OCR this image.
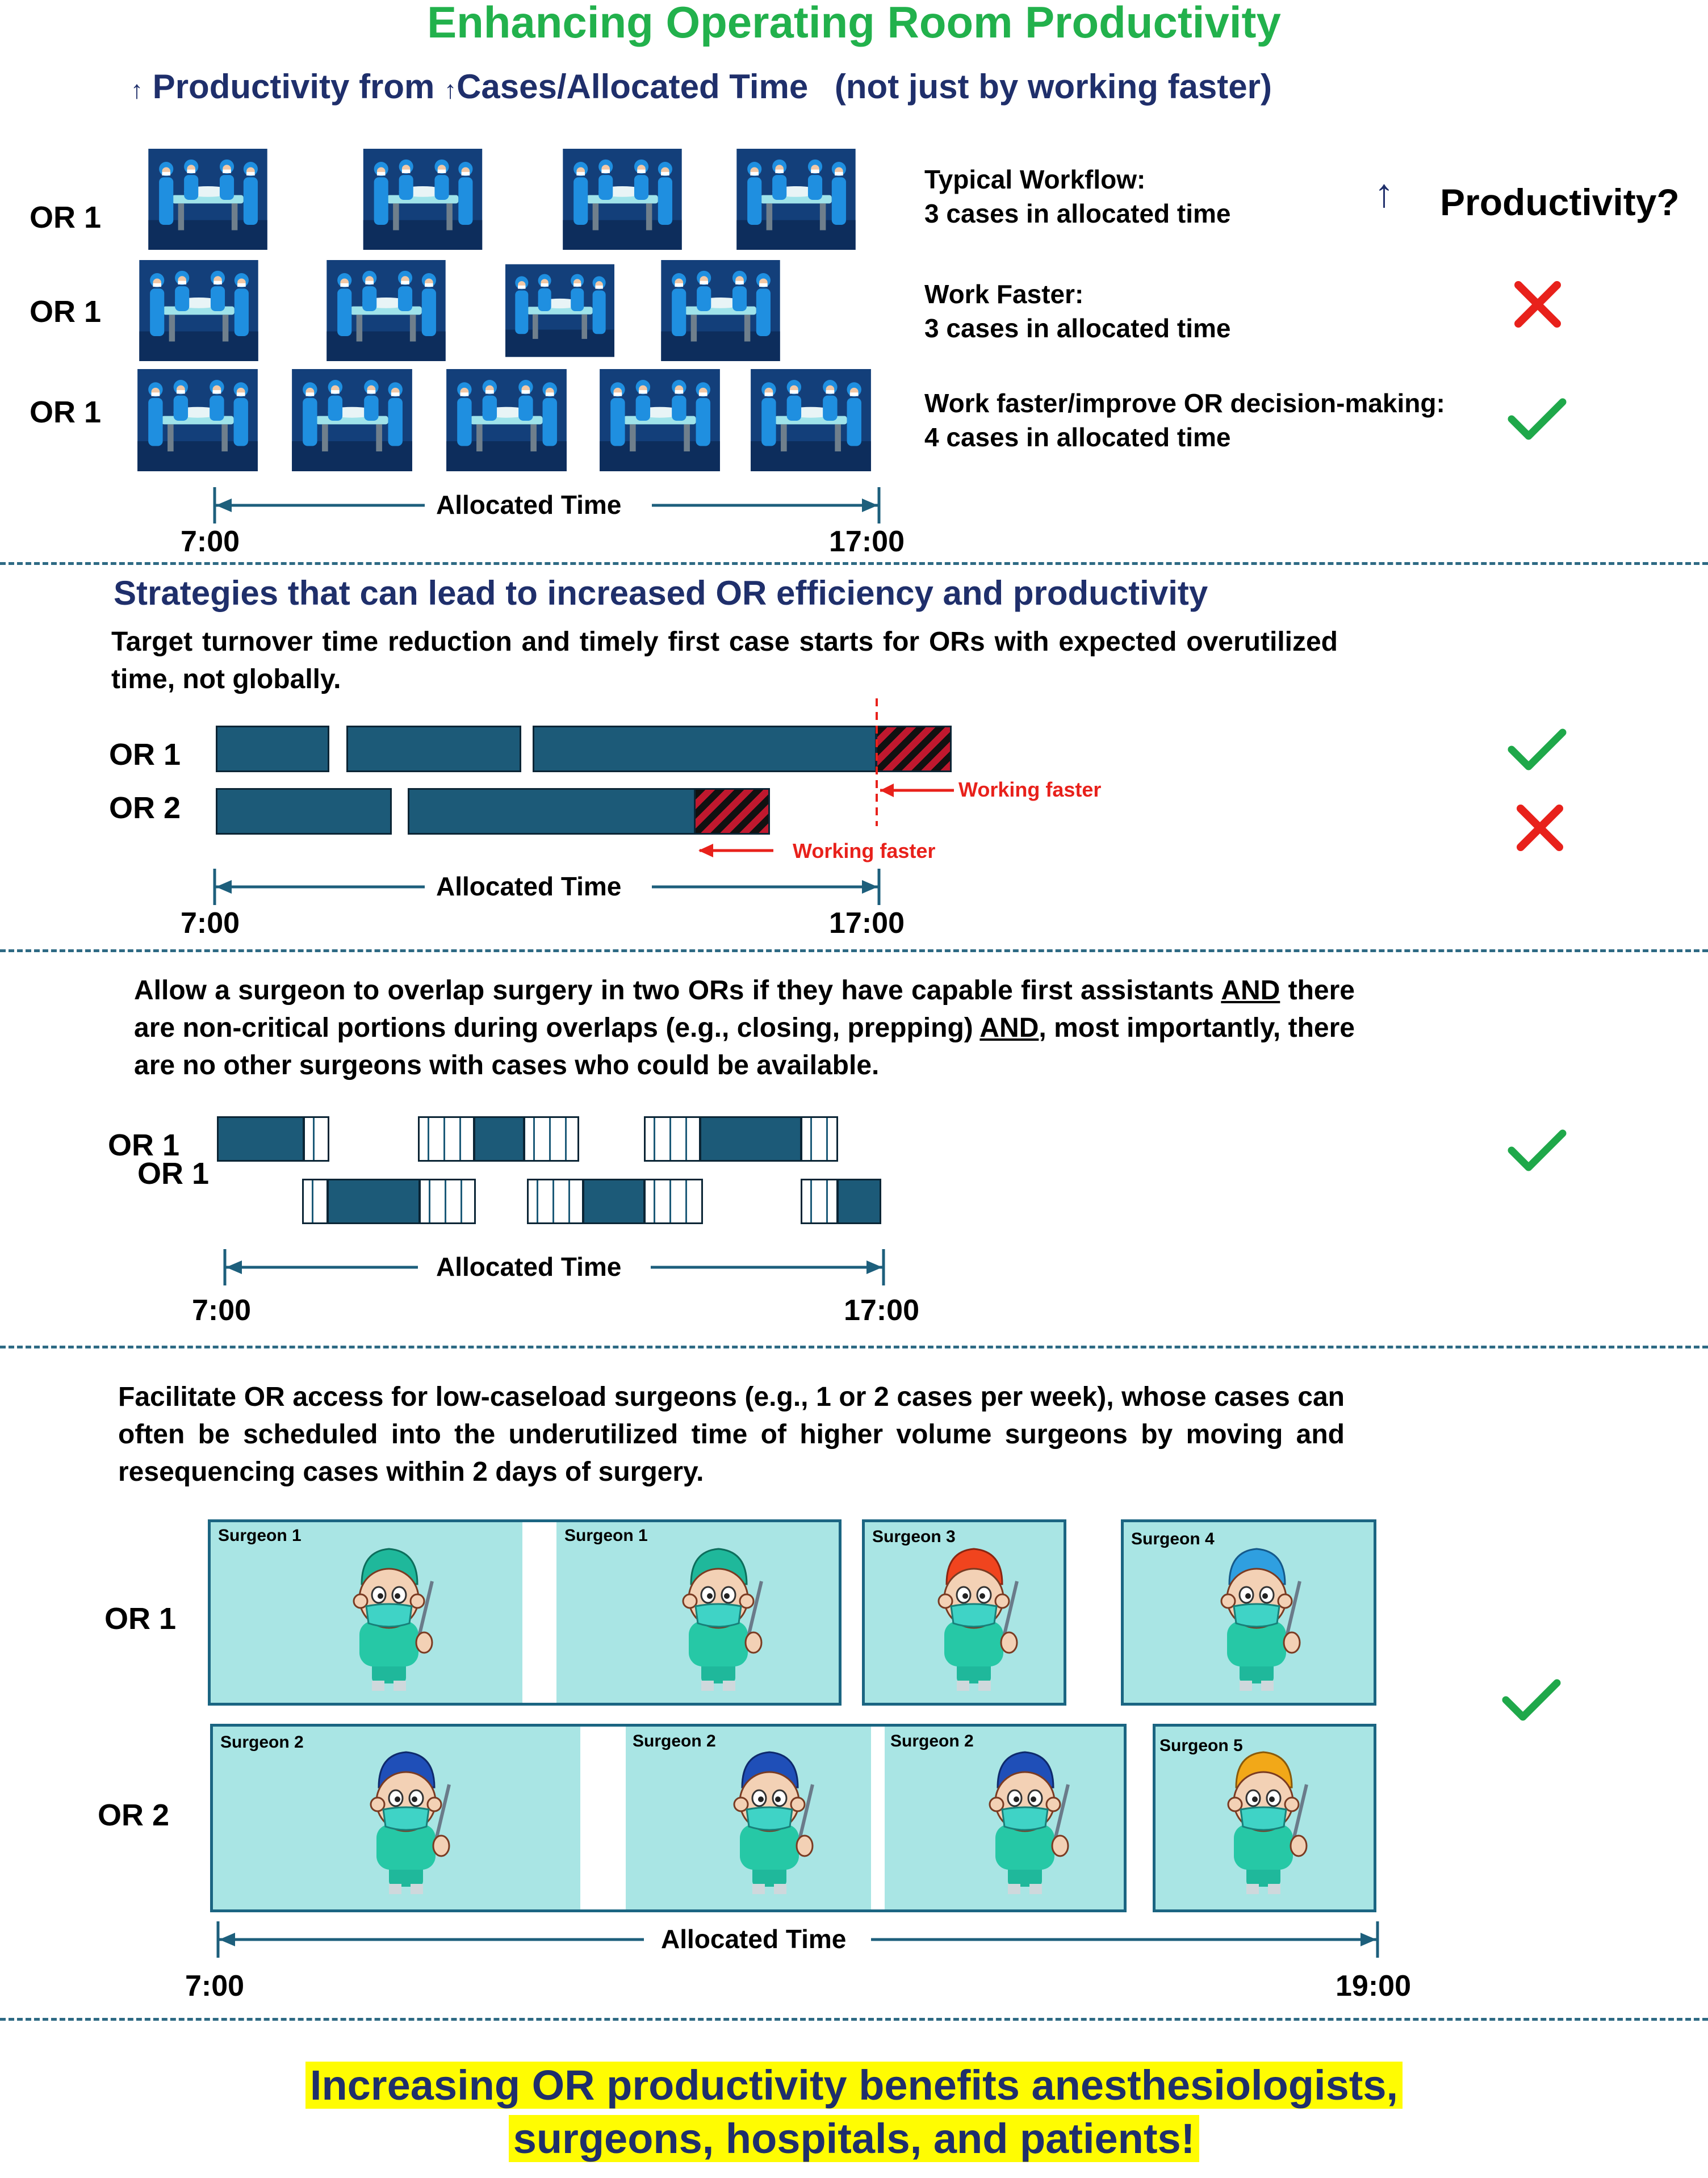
Enhancing Operating Room Productivity
↑ Productivity from ↑Cases/Allocated Time (not just by working faster)
OR 1
OR 1
OR 1
Typical Workflow:
3 cases in allocated time
Work Faster:
3 cases in allocated time
Work faster/improve OR decision-making:
4 cases in allocated time
↑ Productivity?
Allocated Time
7:00	17:00
Strategies that can lead to increased OR efficiency and productivity
Target turnover time reduction and timely first case starts for ORs with expected overutilized time, not globally.
OR 1
OR 2
Working faster
Working faster
Allocated Time
7:00	17:00
Allow a surgeon to overlap surgery in two ORs if they have capable first assistants AND there are non-critical portions during overlaps (e.g., closing, prepping) AND, most importantly, there are no other surgeons with cases who could be available.
OR 1
OR 1
Allocated Time
7:00	17:00
Facilitate OR access for low-caseload surgeons (e.g., 1 or 2 cases per week), whose cases can often be scheduled into the underutilized time of higher volume surgeons by moving and resequencing cases within 2 days of surgery.
OR 1
OR 2
Surgeon 1	Surgeon 1	Surgeon 3	Surgeon 4
Surgeon 2	Surgeon 2	Surgeon 2	Surgeon 5
Allocated Time
7:00	19:00
Increasing OR productivity benefits anesthesiologists,
surgeons, hospitals, and patients!
